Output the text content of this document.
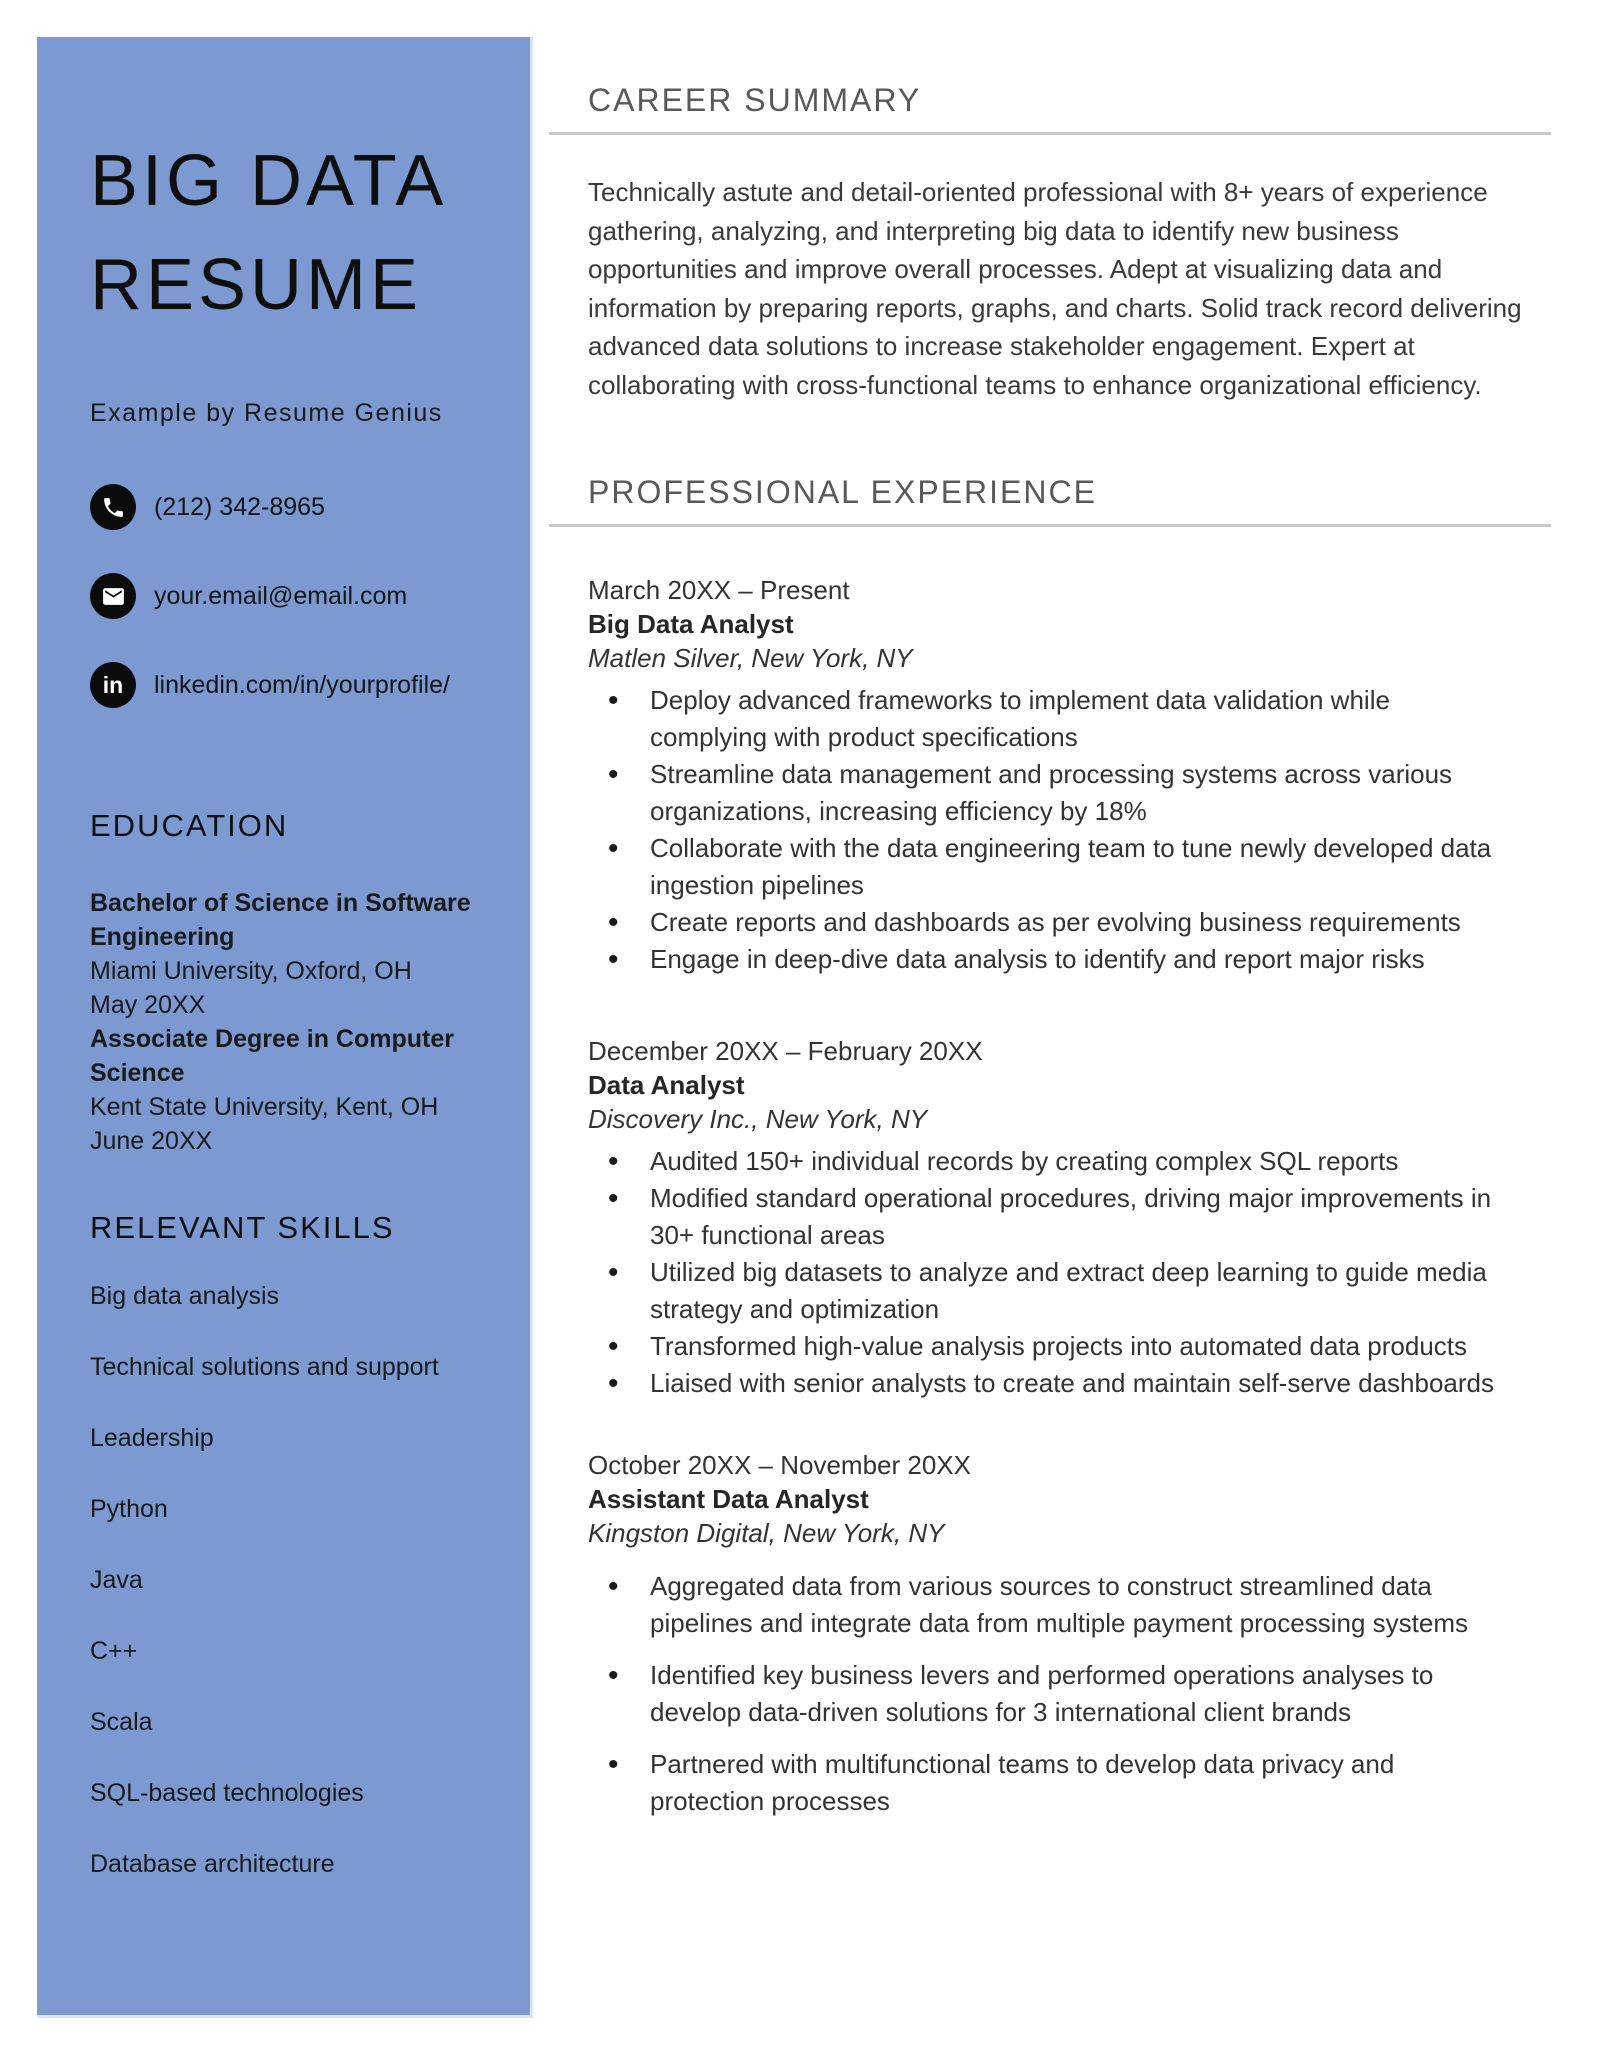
BIG DATA
RESUME
Example by Resume Genius
(212) 342-8965
your.email@email.com
in linkedin.com/in/yourprofile/
EDUCATION
Bachelor of Science in Software Engineering
Miami University, Oxford, OH
May 20XX
Associate Degree in Computer Science
Kent State University, Kent, OH
June 20XX
RELEVANT SKILLS
Big data analysis
Technical solutions and support
Leadership
Python
Java
C++
Scala
SQL-based technologies
Database architecture
CAREER SUMMARY

Technically astute and detail-oriented professional with 8+ years of experience gathering, analyzing, and interpreting big data to identify new business opportunities and improve overall processes. Adept at visualizing data and information by preparing reports, graphs, and charts. Solid track record delivering advanced data solutions to increase stakeholder engagement. Expert at collaborating with cross-functional teams to enhance organizational efficiency.

PROFESSIONAL EXPERIENCE
March 20XX – Present
Big Data Analyst
Matlen Silver, New York, NY
• Deploy advanced frameworks to implement data validation while complying with product specifications
• Streamline data management and processing systems across various organizations, increasing efficiency by 18%
• Collaborate with the data engineering team to tune newly developed data ingestion pipelines
• Create reports and dashboards as per evolving business requirements
• Engage in deep-dive data analysis to identify and report major risks
December 20XX – February 20XX
Data Analyst
Discovery Inc., New York, NY
• Audited 150+ individual records by creating complex SQL reports
• Modified standard operational procedures, driving major improvements in 30+ functional areas
• Utilized big datasets to analyze and extract deep learning to guide media strategy and optimization
• Transformed high-value analysis projects into automated data products
• Liaised with senior analysts to create and maintain self-serve dashboards
October 20XX – November 20XX
Assistant Data Analyst
Kingston Digital, New York, NY
• Aggregated data from various sources to construct streamlined data pipelines and integrate data from multiple payment processing systems
• Identified key business levers and performed operations analyses to develop data-driven solutions for 3 international client brands
• Partnered with multifunctional teams to develop data privacy and protection processes
